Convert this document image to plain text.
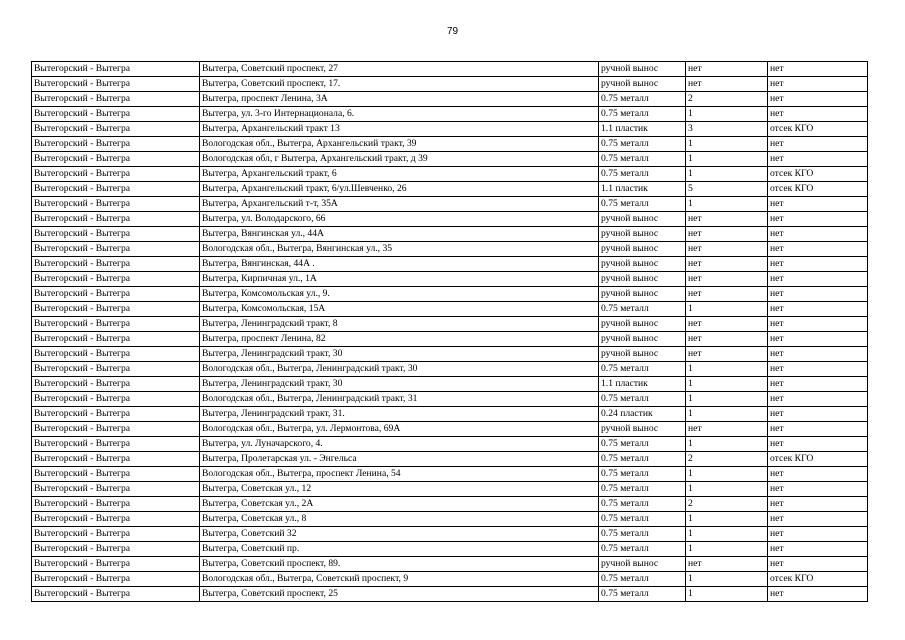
79
Вытегорский - Вытегра	Вытегра, Советский проспект, 27	ручной вынос	нет	нет
Вытегорский - Вытегра	Вытегра, Советский проспект, 17.	ручной вынос	нет	нет
Вытегорский - Вытегра	Вытегра, проспект Ленина, 3А	0.75 металл	2	нет
Вытегорский - Вытегра	Вытегра, ул. 3-го Интернационала, 6.	0.75 металл	1	нет
Вытегорский - Вытегра	Вытегра, Архангельский тракт 13	1.1 пластик	3	отсек КГО
Вытегорский - Вытегра	Вологодская обл., Вытегра, Архангельский тракт, 39	0.75 металл	1	нет
Вытегорский - Вытегра	Вологодская обл, г Вытегра, Архангельский тракт, д 39	0.75 металл	1	нет
Вытегорский - Вытегра	Вытегра, Архангельский тракт, 6	0.75 металл	1	отсек КГО
Вытегорский - Вытегра	Вытегра, Архангельский тракт, 6/ул.Шевченко, 26	1.1 пластик	5	отсек КГО
Вытегорский - Вытегра	Вытегра, Архангельский т-т, 35А	0.75 металл	1	нет
Вытегорский - Вытегра	Вытегра, ул. Володарского, 66	ручной вынос	нет	нет
Вытегорский - Вытегра	Вытегра, Вянгинская ул., 44А	ручной вынос	нет	нет
Вытегорский - Вытегра	Вологодская обл., Вытегра, Вянгинская ул., 35	ручной вынос	нет	нет
Вытегорский - Вытегра	Вытегра, Вянгинская, 44А .	ручной вынос	нет	нет
Вытегорский - Вытегра	Вытегра, Кирпичная ул., 1А	ручной вынос	нет	нет
Вытегорский - Вытегра	Вытегра, Комсомольская ул., 9.	ручной вынос	нет	нет
Вытегорский - Вытегра	Вытегра, Комсомольская, 15А	0.75 металл	1	нет
Вытегорский - Вытегра	Вытегра, Ленинградский тракт, 8	ручной вынос	нет	нет
Вытегорский - Вытегра	Вытегра, проспект Ленина, 82	ручной вынос	нет	нет
Вытегорский - Вытегра	Вытегра, Ленинградский тракт, 30	ручной вынос	нет	нет
Вытегорский - Вытегра	Вологодская обл., Вытегра, Ленинградский тракт, 30	0.75 металл	1	нет
Вытегорский - Вытегра	Вытегра, Ленинградский тракт, 30	1.1 пластик	1	нет
Вытегорский - Вытегра	Вологодская обл., Вытегра, Ленинградский тракт, 31	0.75 металл	1	нет
Вытегорский - Вытегра	Вытегра, Ленинградский тракт, 31.	0.24 пластик	1	нет
Вытегорский - Вытегра	Вологодская обл., Вытегра, ул. Лермонтова, 69А	ручной вынос	нет	нет
Вытегорский - Вытегра	Вытегра, ул. Луначарского, 4.	0.75 металл	1	нет
Вытегорский - Вытегра	Вытегра, Пролетарская ул. - Энгельса	0.75 металл	2	отсек КГО
Вытегорский - Вытегра	Вологодская обл., Вытегра, проспект Ленина, 54	0.75 металл	1	нет
Вытегорский - Вытегра	Вытегра, Советская ул., 12	0.75 металл	1	нет
Вытегорский - Вытегра	Вытегра, Советская ул., 2А	0.75 металл	2	нет
Вытегорский - Вытегра	Вытегра, Советская ул., 8	0.75 металл	1	нет
Вытегорский - Вытегра	Вытегра, Советский 32	0.75 металл	1	нет
Вытегорский - Вытегра	Вытегра, Советский пр.	0.75 металл	1	нет
Вытегорский - Вытегра	Вытегра, Советский проспект, 89.	ручной вынос	нет	нет
Вытегорский - Вытегра	Вологодская обл., Вытегра, Советский проспект, 9	0.75 металл	1	отсек КГО
Вытегорский - Вытегра	Вытегра, Советский проспект, 25	0.75 металл	1	нет
